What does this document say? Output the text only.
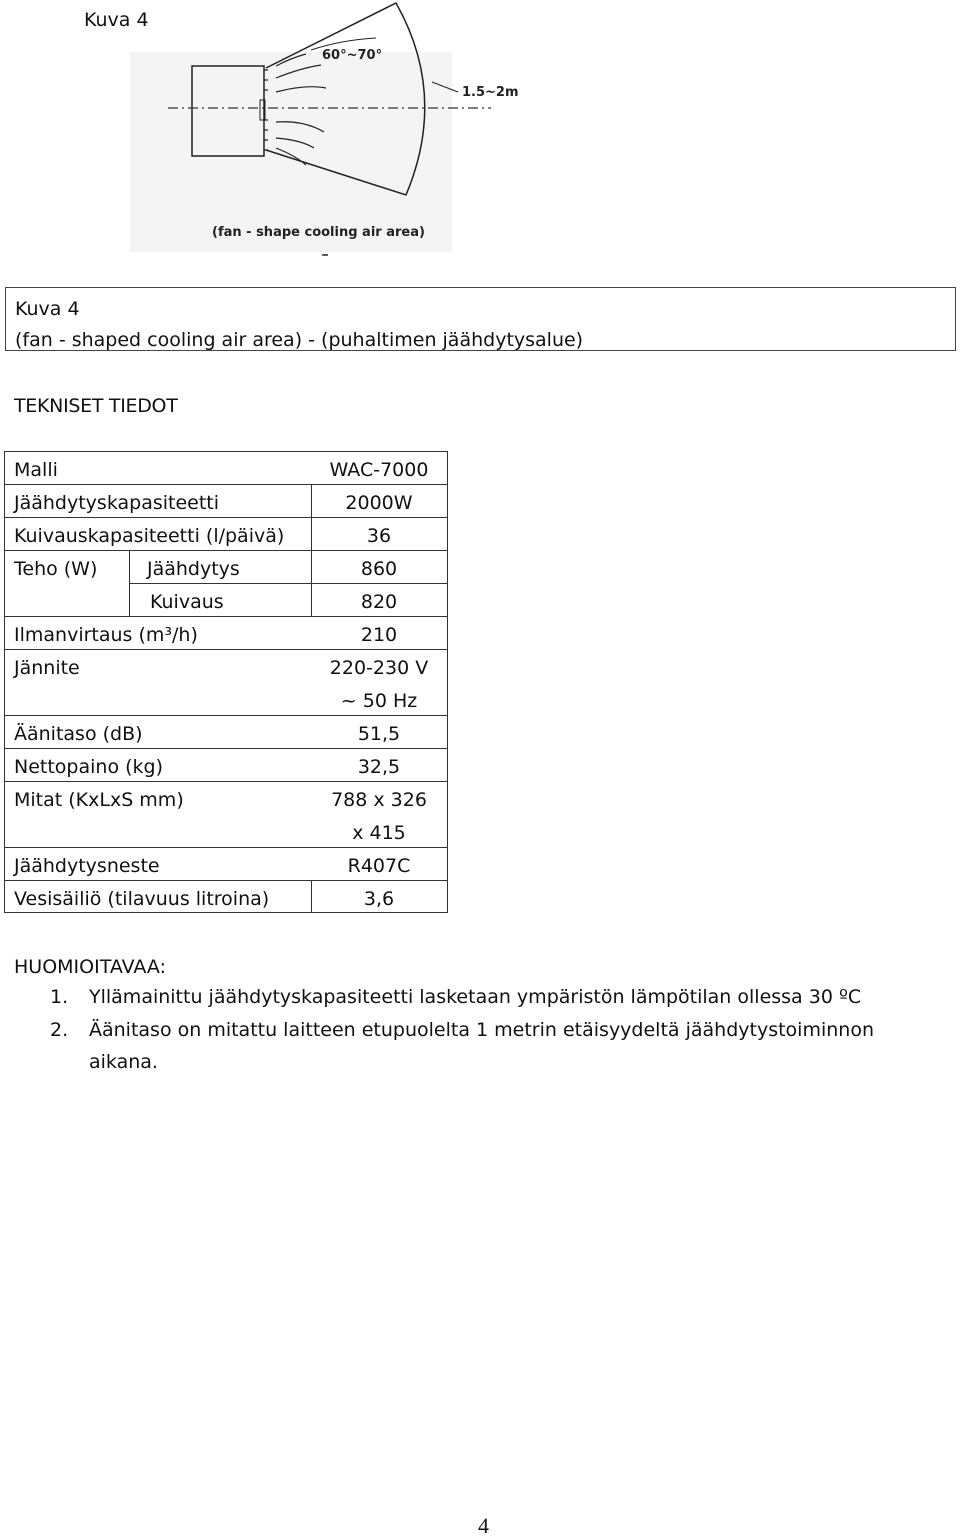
Kuva 4
60°~70°
1.5~2m
(fan - shape cooling air area)
Kuva 4
(fan - shaped cooling air area) - (puhaltimen jäähdytysalue)
TEKNISET TIEDOT
Malli
Jäähdytyskapasiteetti
Kuivauskapasiteetti (l/päivä)
Teho (W)	Jäähdytys
Kuivaus
Ilmanvirtaus (m³/h)
Jännite
Äänitaso (dB)
Nettopaino (kg)
Mitat (KxLxS mm)
Jäähdytysneste
Vesisäiliö (tilavuus litroina)
WAC-7000
2000W
36
860
820
210
220-230 V
~ 50 Hz
51,5
32,5
788 x 326
x 415
R407C
3,6
HUOMIOITAVAA:
1. Yllämainittu jäähdytyskapasiteetti lasketaan ympäristön lämpötilan ollessa 30 ºC
2. Äänitaso on mitattu laitteen etupuolelta 1 metrin etäisyydeltä jäähdytystoiminnon
aikana.
4
